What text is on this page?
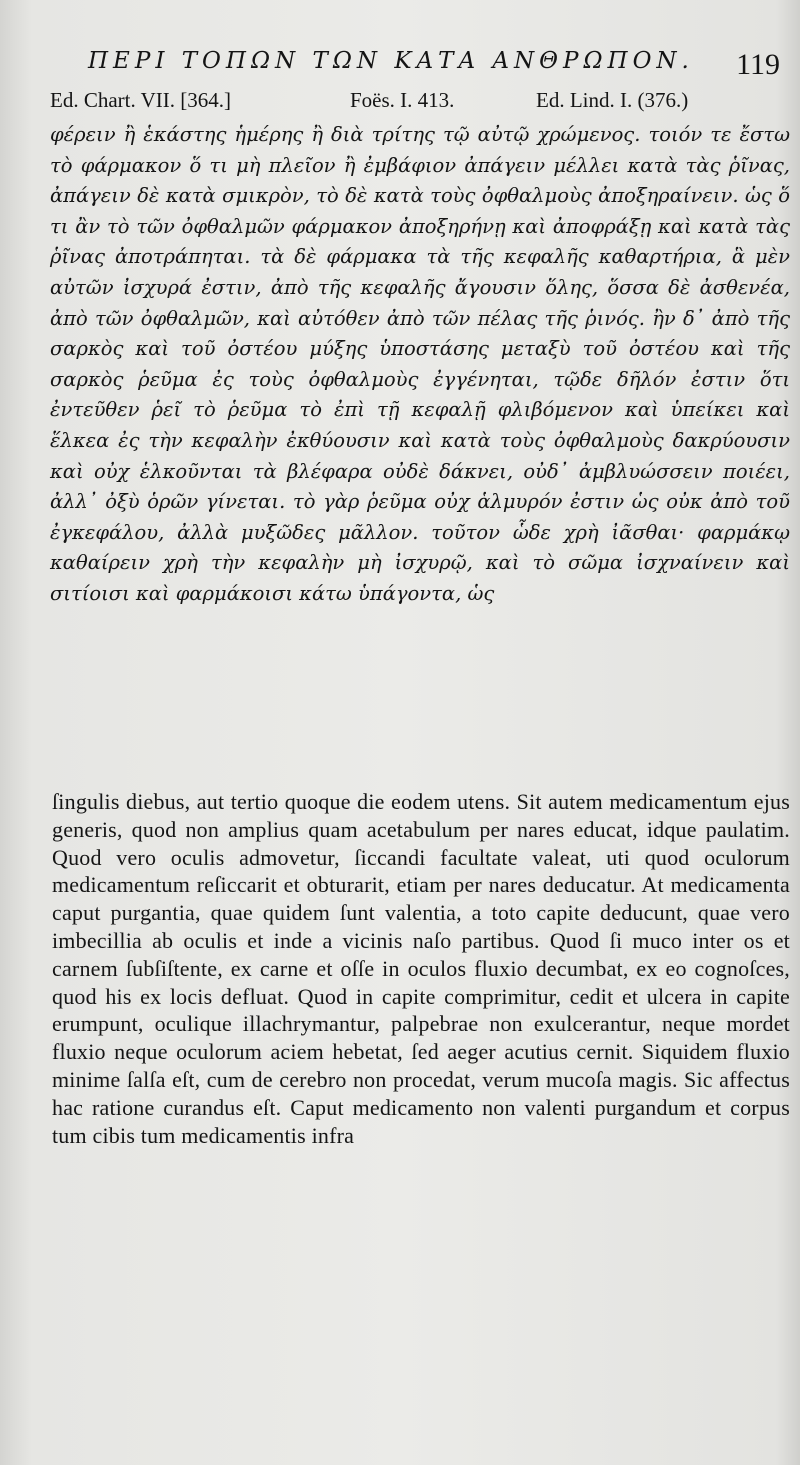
ΠΕΡΙ ΤΟΠΩΝ ΤΩΝ ΚΑΤΑ ΑΝΘΡΩΠΟΝ. 119
Ed. Chart. VII. [364.]	Foës. I. 413.	Ed. Lind. I. (376.)

φέρειν ἢ ἑκάστης ἡμέρης ἢ διὰ τρίτης τῷ αὐτῷ χρώμενος. τοιόν τε ἔστω τὸ φάρμακον ὅ τι μὴ πλεῖον ἢ ἐμβάφιον ἀπάγειν μέλλει κατὰ τὰς ῥῖνας, ἀπάγειν δὲ κατὰ σμικρὸν, τὸ δὲ κατὰ τοὺς ὀφθαλμοὺς ἀποξηραίνειν. ὡς ὅ τι ἂν τὸ τῶν ὀφθαλμῶν φάρμακον ἀποξηρήνῃ καὶ ἀποφράξῃ καὶ κατὰ τὰς ῥῖνας ἀποτράπηται. τὰ δὲ φάρμακα τὰ τῆς κεφαλῆς καθαρτήρια, ἃ μὲν αὐτῶν ἰσχυρά ἐστιν, ἀπὸ τῆς κεφαλῆς ἄγουσιν ὅλης, ὅσσα δὲ ἀσθενέα, ἀπὸ τῶν ὀφθαλμῶν, καὶ αὐτόθεν ἀπὸ τῶν πέλας τῆς ῥινός. ἢν δ᾿ ἀπὸ τῆς σαρκὸς καὶ τοῦ ὀστέου μύξης ὑποστάσης μεταξὺ τοῦ ὀστέου καὶ τῆς σαρκὸς ῥεῦμα ἐς τοὺς ὀφθαλμοὺς ἐγγένηται, τῷδε δῆλόν ἐστιν ὅτι ἐντεῦθεν ῥεῖ τὸ ῥεῦμα τὸ ἐπὶ τῇ κεφαλῇ φλιβόμενον καὶ ὑπείκει καὶ ἕλκεα ἐς τὴν κεφαλὴν ἐκθύουσιν καὶ κατὰ τοὺς ὀφθαλμοὺς δακρύουσιν καὶ οὐχ ἑλκοῦνται τὰ βλέφαρα οὐδὲ δάκνει, οὐδ᾿ ἀμβλυώσσειν ποιέει, ἀλλ᾿ ὀξὺ ὁρῶν γίνεται. τὸ γὰρ ῥεῦμα οὐχ ἁλμυρόν ἐστιν ὡς οὐκ ἀπὸ τοῦ ἐγκεφάλου, ἀλλὰ μυξῶδες μᾶλλον. τοῦτον ὧδε χρὴ ἰᾶσθαι· φαρμάκῳ καθαίρειν χρὴ τὴν κεφαλὴν μὴ ἰσχυρῷ, καὶ τὸ σῶμα ἰσχναίνειν καὶ σιτίοισι καὶ φαρμάκοισι κάτω ὑπάγοντα, ὡς

ſingulis diebus, aut tertio quoque die eodem utens. Sit autem medicamentum ejus generis, quod non amplius quam acetabulum per nares educat, idque paulatim. Quod vero oculis admovetur, ſiccandi facultate valeat, uti quod oculorum medicamentum reſiccarit et obturarit, etiam per nares deducatur. At medicamenta caput purgantia, quae quidem ſunt valentia, a toto capite deducunt, quae vero imbecillia ab oculis et inde a vicinis naſo partibus. Quod ſi muco inter os et carnem ſubſiſtente, ex carne et oſſe in oculos fluxio decumbat, ex eo cognoſces, quod his ex locis defluat. Quod in capite comprimitur, cedit et ulcera in capite erumpunt, oculique illachrymantur, palpebrae non exulcerantur, neque mordet fluxio neque oculorum aciem hebetat, ſed aeger acutius cernit. Siquidem fluxio minime ſalſa eſt, cum de cerebro non procedat, verum mucoſa magis. Sic affectus hac ratione curandus eſt. Caput medicamento non valenti purgandum et corpus tum cibis tum medicamentis infra
